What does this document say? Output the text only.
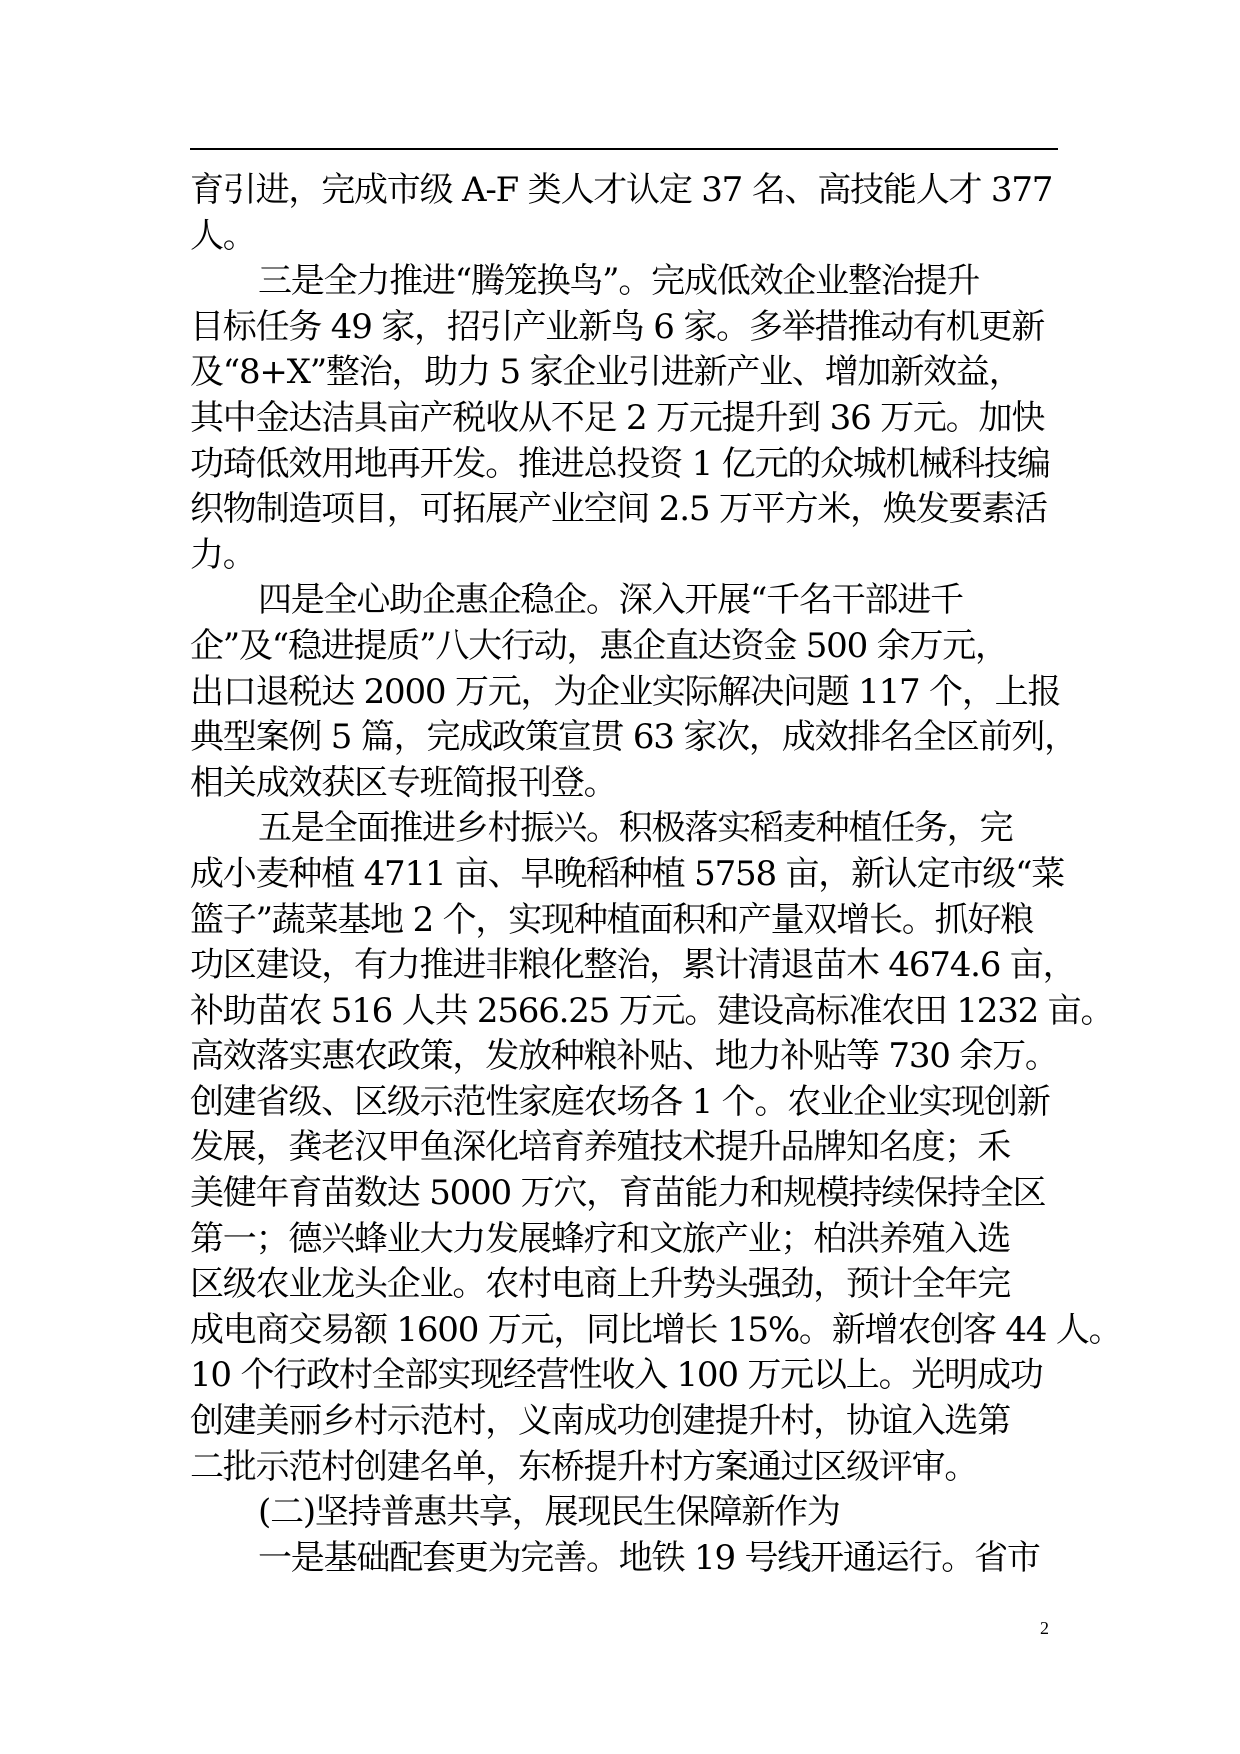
育引进，完成市级 A-F 类人才认定 37 名、高技能人才 377
人。
三是全力推进“腾笼换鸟”。完成低效企业整治提升
目标任务 49 家，招引产业新鸟 6 家。多举措推动有机更新
及“8+X”整治，助力 5 家企业引进新产业、增加新效益，
其中金达洁具亩产税收从不足 2 万元提升到 36 万元。加快
功琦低效用地再开发。推进总投资 1 亿元的众城机械科技编
织物制造项目，可拓展产业空间 2.5 万平方米，焕发要素活
力。
四是全心助企惠企稳企。深入开展“千名干部进千
企”及“稳进提质”八大行动，惠企直达资金 500 余万元，
出口退税达 2000 万元，为企业实际解决问题 117 个，上报
典型案例 5 篇，完成政策宣贯 63 家次，成效排名全区前列，
相关成效获区专班简报刊登。
五是全面推进乡村振兴。积极落实稻麦种植任务，完
成小麦种植 4711 亩、早晚稻种植 5758 亩，新认定市级“菜
篮子”蔬菜基地 2 个，实现种植面积和产量双增长。抓好粮
功区建设，有力推进非粮化整治，累计清退苗木 4674.6 亩，
补助苗农 516 人共 2566.25 万元。建设高标准农田 1232 亩。
高效落实惠农政策，发放种粮补贴、地力补贴等 730 余万。
创建省级、区级示范性家庭农场各 1 个。农业企业实现创新
发展，龚老汉甲鱼深化培育养殖技术提升品牌知名度；禾
美健年育苗数达 5000 万穴，育苗能力和规模持续保持全区
第一；德兴蜂业大力发展蜂疗和文旅产业；柏洪养殖入选
区级农业龙头企业。农村电商上升势头强劲，预计全年完
成电商交易额 1600 万元，同比增长 15%。新增农创客 44 人。
10 个行政村全部实现经营性收入 100 万元以上。光明成功
创建美丽乡村示范村，义南成功创建提升村，协谊入选第
二批示范村创建名单，东桥提升村方案通过区级评审。
(二)坚持普惠共享，展现民生保障新作为
一是基础配套更为完善。地铁 19 号线开通运行。省市
2
